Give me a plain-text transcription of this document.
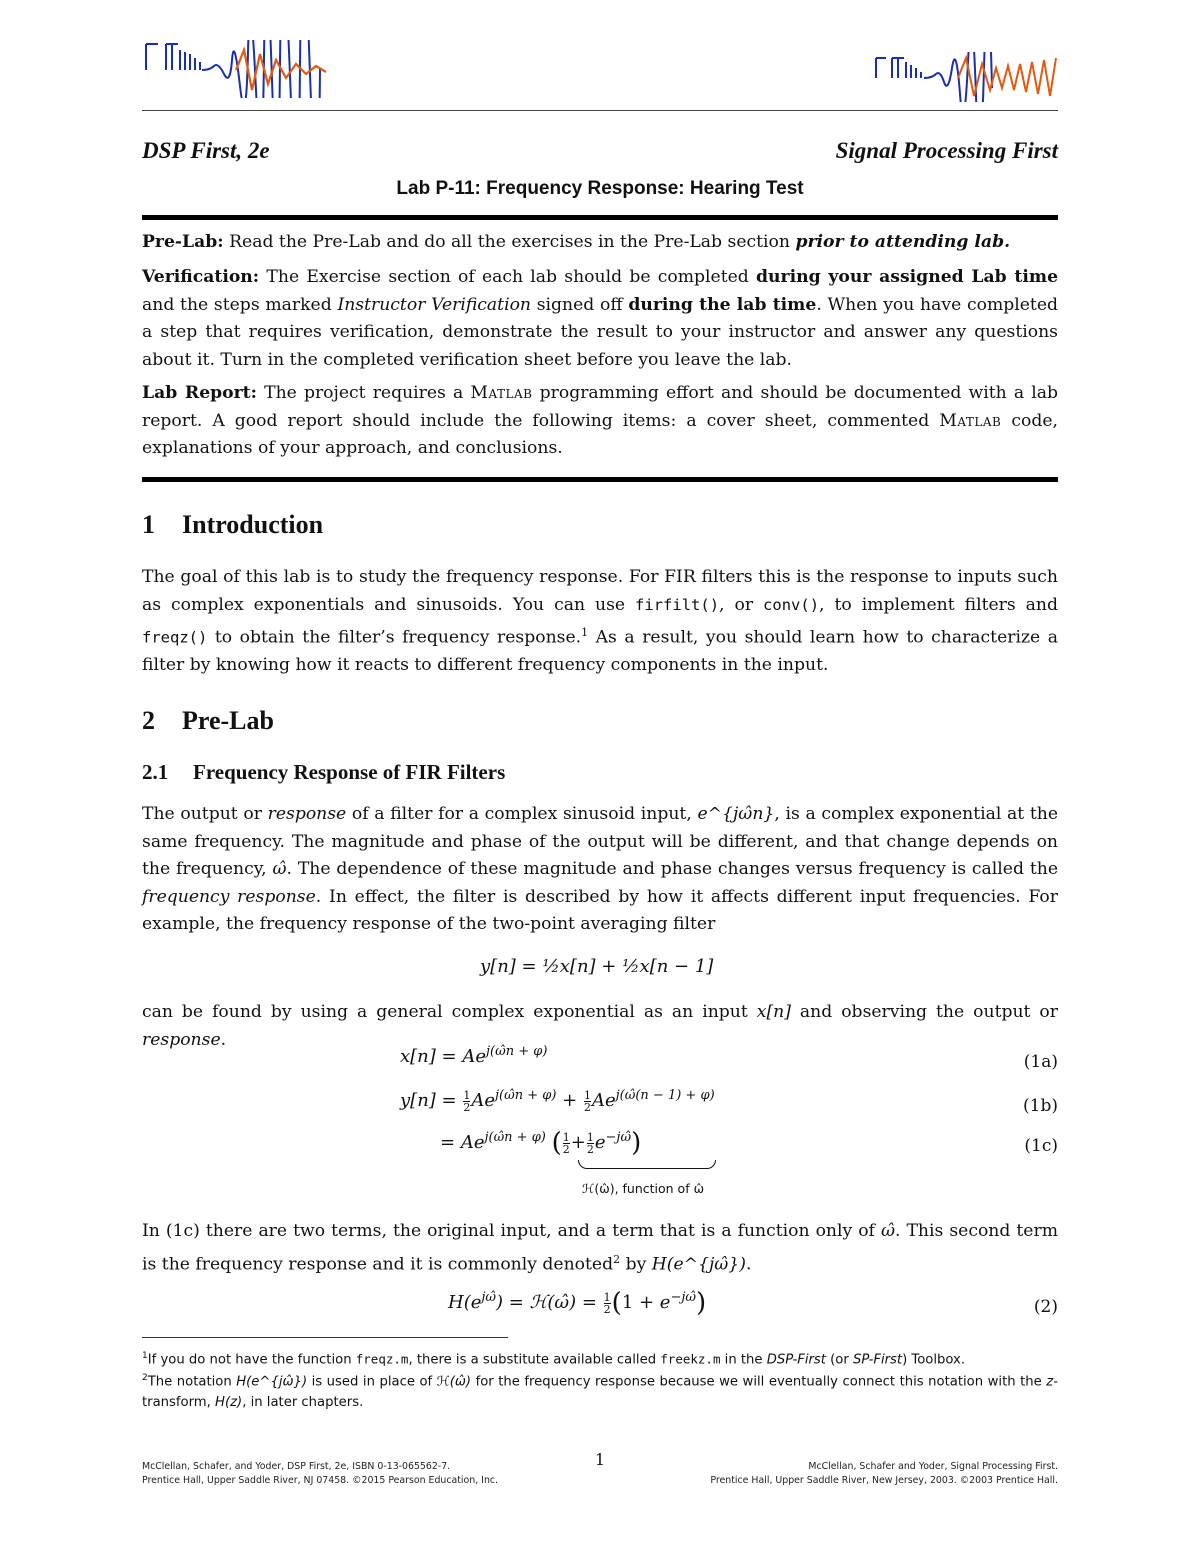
DSP First, 2e	Signal Processing First
Lab P-11: Frequency Response: Hearing Test
Pre-Lab: Read the Pre-Lab and do all the exercises in the Pre-Lab section prior to attending lab.
Verification: The Exercise section of each lab should be completed during your assigned Lab time and the steps marked Instructor Verification signed off during the lab time. When you have completed a step that requires verification, demonstrate the result to your instructor and answer any questions about it. Turn in the completed verification sheet before you leave the lab.
Lab Report: The project requires a Matlab programming effort and should be documented with a lab report. A good report should include the following items: a cover sheet, commented Matlab code, explanations of your approach, and conclusions.
1 Introduction
The goal of this lab is to study the frequency response. For FIR filters this is the response to inputs such as complex exponentials and sinusoids. You can use firfilt(), or conv(), to implement filters and freqz() to obtain the filter’s frequency response.$^1$ As a result, you should learn how to characterize a filter by knowing how it reacts to different frequency components in the input.
2 Pre-Lab
2.1 Frequency Response of FIR Filters
The output or response of a filter for a complex sinusoid input, e^{jω̂n}, is a complex exponential at the same frequency. The magnitude and phase of the output will be different, and that change depends on the frequency, ω̂. The dependence of these magnitude and phase changes versus frequency is called the frequency response. In effect, the filter is described by how it affects different input frequencies. For example, the frequency response of the two-point averaging filter
y[n] = ½x[n] + ½x[n − 1]
can be found by using a general complex exponential as an input x[n] and observing the output or response.
$x[n] = Ae^{j(\omegân + \varphi)}$
(1a)
$y[n] = \frac{1}{2} Ae^{j(\omegân + \varphi)} + \frac{1}{2} Ae^{j(\omegâ(n - 1) + \varphi)}$
(1b)
= $Ae^{j(\omegân + \varphi)}$ ( $\frac{1}{2} + \frac{1}{2} e^{-j\omegâ}$)	(1c)
ℋ(ω̂), function of ω̂
In (1c) there are two terms, the original input, and a term that is a function only of ω̂. This second term is the frequency response and it is commonly denoted$^2$ by H(e^{jω̂}).
$H(e^{j\omegâ})$ = ℋ(ω̂) = $\frac{1}{2} (1 + e^{-j\omegâ})$	(2)
$^1$If you do not have the function freqz.m, there is a substitute available called freekz.m in the DSP-First (or SP-First) Toolbox.
$^2$The notation H(e^{jω̂}) is used in place of ℋ(ω̂) for the frequency response because we will eventually connect this notation with the z-transform, H(z), in later chapters.
McClellan, Schafer, and Yoder, DSP First, 2e, ISBN 0-13-065562-7.
Prentice Hall, Upper Saddle River, NJ 07458. ©2015 Pearson Education, Inc.
1	McClellan, Schafer and Yoder, Signal Processing First.
Prentice Hall, Upper Saddle River, New Jersey, 2003. ©2003 Prentice Hall.
